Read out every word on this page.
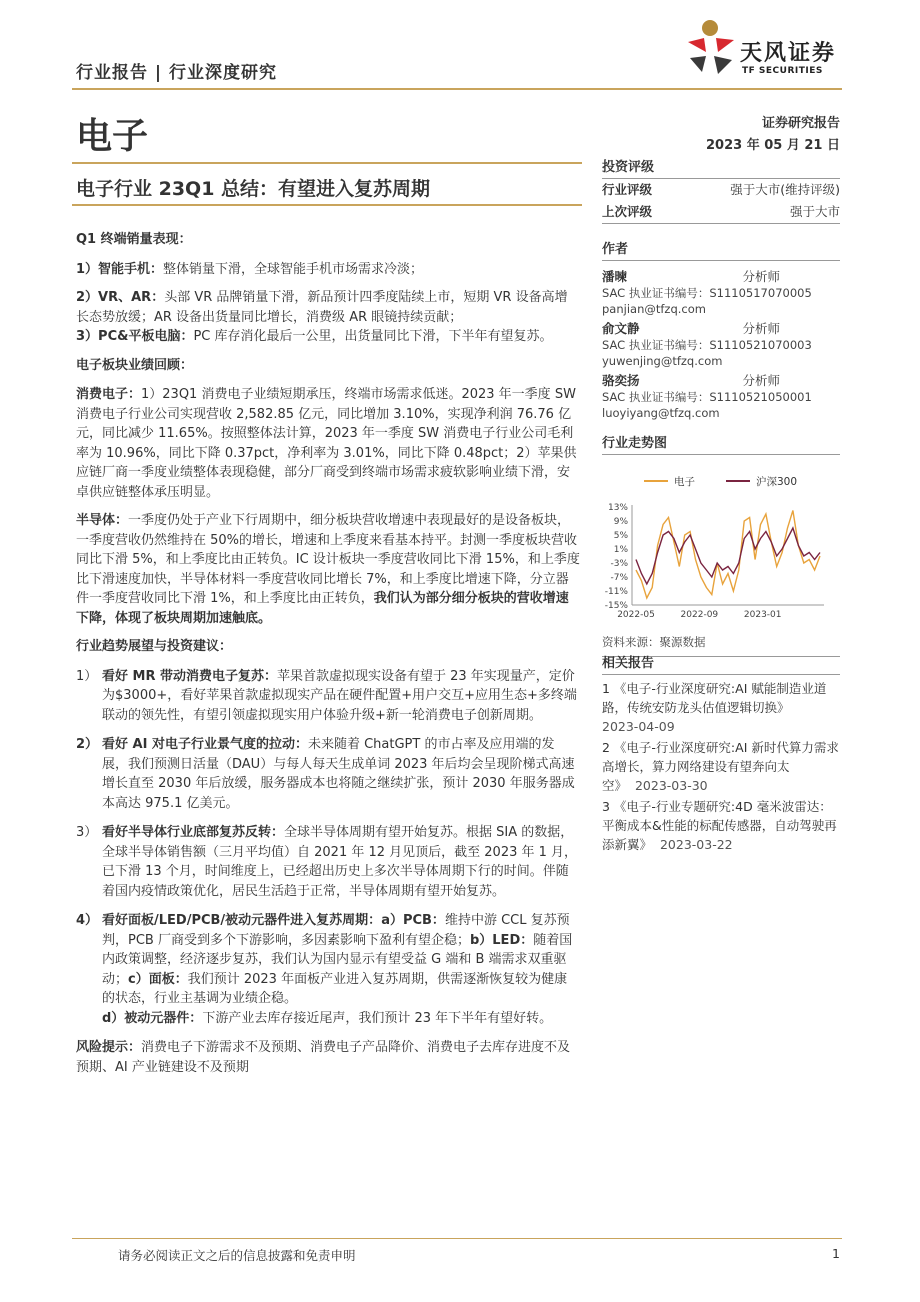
行业报告 | 行业深度研究
天风证券
TF SECURITIES
电子	证券研究报告
2023 年 05 月 21 日
电子行业 23Q1 总结：有望进入复苏周期

Q1 终端销量表现：

1）智能手机：整体销量下滑，全球智能手机市场需求冷淡；

2）VR、AR：头部 VR 品牌销量下滑，新品预计四季度陆续上市，短期 VR 设备高增长态势放缓；AR 设备出货量同比增长，消费级 AR 眼镜持续贡献；

3）PC&平板电脑：PC 库存消化最后一公里，出货量同比下滑，下半年有望复苏。

电子板块业绩回顾：

消费电子：1）23Q1 消费电子业绩短期承压，终端市场需求低迷。2023 年一季度 SW 消费电子行业公司实现营收 2,582.85 亿元，同比增加 3.10%，实现净利润 76.76 亿元，同比减少 11.65%。按照整体法计算，2023 年一季度 SW 消费电子行业公司毛利率为 10.96%，同比下降 0.37pct，净利率为 3.01%，同比下降 0.48pct；2）苹果供应链厂商一季度业绩整体表现稳健，部分厂商受到终端市场需求疲软影响业绩下滑，安卓供应链整体承压明显。

半导体：一季度仍处于产业下行周期中，细分板块营收增速中表现最好的是设备板块，一季度营收仍然维持在 50%的增长，增速和上季度来看基本持平。封测一季度板块营收同比下滑 5%，和上季度比由正转负。IC 设计板块一季度营收同比下滑 15%，和上季度比下滑速度加快，半导体材料一季度营收同比增长 7%，和上季度比增速下降，分立器件一季度营收同比下滑 1%，和上季度比由正转负，我们认为部分细分板块的营收增速下降，体现了板块周期加速触底。

行业趋势展望与投资建议：

1） 看好 MR 带动消费电子复苏：苹果首款虚拟现实设备有望于 23 年实现量产，定价为$3000+，看好苹果首款虚拟现实产品在硬件配置+用户交互+应用生态+多终端联动的领先性，有望引领虚拟现实用户体验升级+新一轮消费电子创新周期。
2） 看好 AI 对电子行业景气度的拉动：未来随着 ChatGPT 的市占率及应用端的发展，我们预测日活量（DAU）与每人每天生成单词 2023 年后均会呈现阶梯式高速增长直至 2030 年后放缓，服务器成本也将随之继续扩张，预计 2030 年服务器成本高达 975.1 亿美元。
3） 看好半导体行业底部复苏反转：全球半导体周期有望开始复苏。根据 SIA 的数据，全球半导体销售额（三月平均值）自 2021 年 12 月见顶后，截至 2023 年 1 月，已下滑 13 个月，时间维度上，已经超出历史上多次半导体周期下行的时间。伴随着国内疫情政策优化，居民生活趋于正常，半导体周期有望开始复苏。
4） 看好面板/LED/PCB/被动元器件进入复苏周期：a）PCB：维持中游 CCL 复苏预判，PCB 厂商受到多个下游影响，多因素影响下盈利有望企稳；b）LED：随着国内政策调整，经济逐步复苏，我们认为国内显示有望受益 G 端和 B 端需求双重驱动；c）面板：我们预计 2023 年面板产业进入复苏周期，供需逐渐恢复较为健康的状态，行业主基调为业绩企稳。
d）被动元器件：下游产业去库存接近尾声，我们预计 23 年下半年有望好转。

风险提示：消费电子下游需求不及预期、消费电子产品降价、消费电子去库存进度不及预期、AI 产业链建设不及预期

投资评级
行业评级	强于大市(维持评级)
上次评级	强于大市
作者
潘暕	分析师
SAC 执业证书编号：S1110517070005
panjian@tfzq.com
俞文静	分析师
SAC 执业证书编号：S1110521070003
yuwenjing@tfzq.com
骆奕扬	分析师
SAC 执业证书编号：S1110521050001
luoyiyang@tfzq.com
行业走势图
电子	沪深300
13%
9%
5%
1%
-3%
-7%
-11%
-15%
2022-05	2022-09	2023-01
资料来源：聚源数据
相关报告
1 《电子-行业深度研究:AI 赋能制造业道路，传统安防龙头估值逻辑切换》
2023-04-09
2 《电子-行业深度研究:AI 新时代算力需求高增长，算力网络建设有望奔向太空》 2023-03-30
3 《电子-行业专题研究:4D 毫米波雷达：平衡成本&性能的标配传感器，自动驾驶再添新翼》 2023-03-22
请务必阅读正文之后的信息披露和免责申明	1
